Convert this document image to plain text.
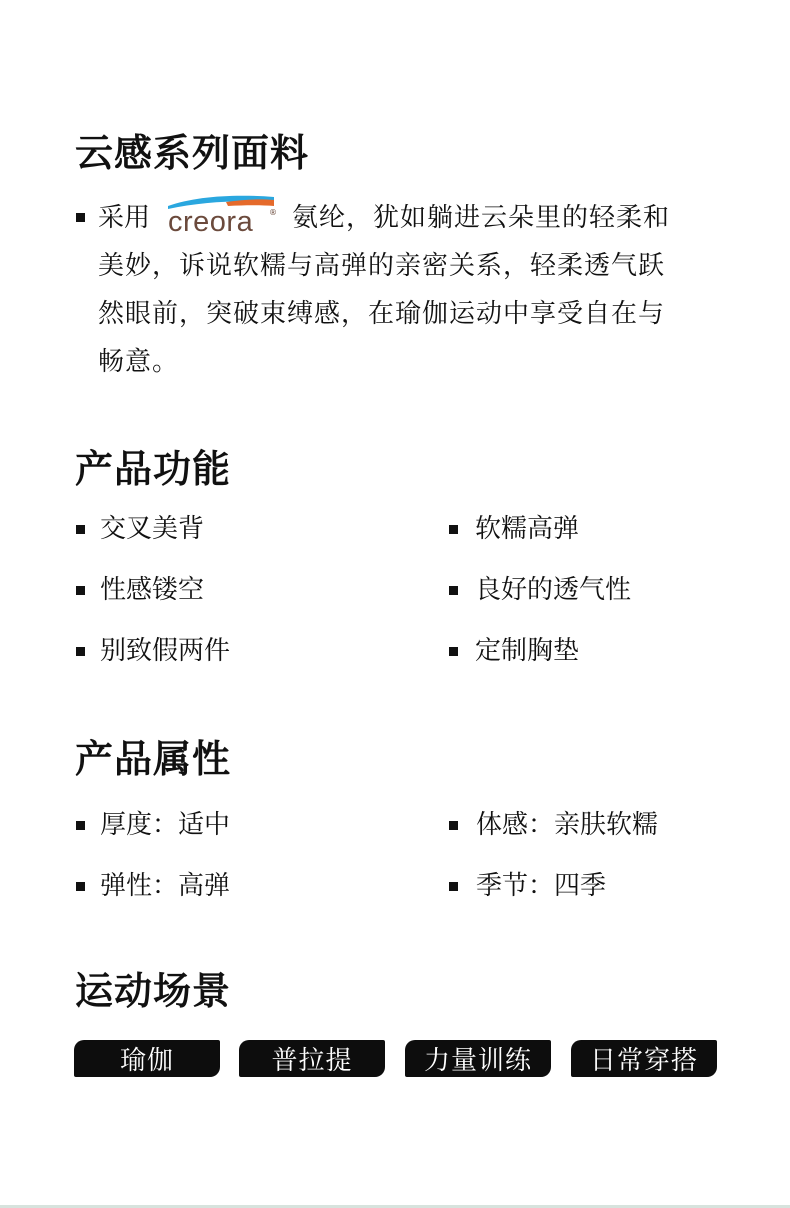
云感系列面料
采用 creora ® 氨纶，犹如躺进云朵里的轻柔和
美妙，诉说软糯与高弹的亲密关系，轻柔透气跃
然眼前，突破束缚感，在瑜伽运动中享受自在与
畅意。
产品功能
交叉美背	软糯高弹
性感镂空	良好的透气性
别致假两件	定制胸垫
产品属性
厚度：适中	体感：亲肤软糯
弹性：高弹	季节：四季
运动场景
瑜伽	普拉提	力量训练	日常穿搭
